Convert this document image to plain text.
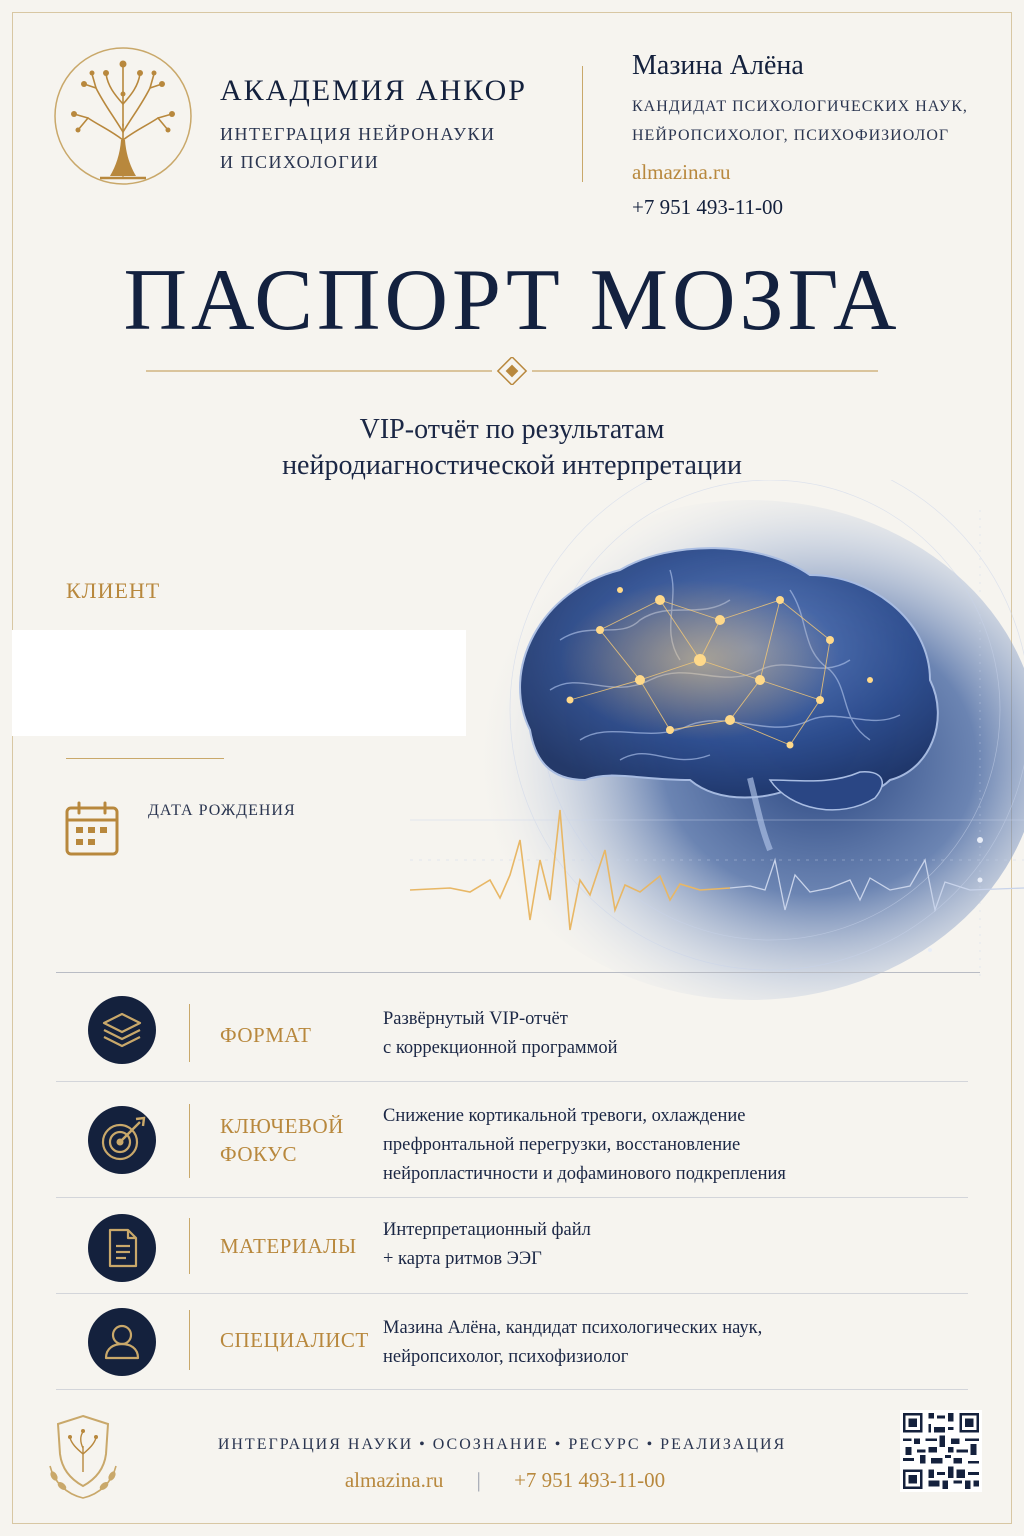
АКАДЕМИЯ АНКОР
ИНТЕГРАЦИЯ НЕЙРОНАУКИ
И ПСИХОЛОГИИ
Мазина Алёна
КАНДИДАТ ПСИХОЛОГИЧЕСКИХ НАУК,
НЕЙРОПСИХОЛОГ, ПСИХОФИЗИОЛОГ
almazina.ru
+7 951 493-11-00
ПАСПОРТ МОЗГА
VIP-отчёт по результатам
нейродиагностической интерпретации
КЛИЕНТ
ДАТА РОЖДЕНИЯ
ФОРМАТ
Развёрнутый VIP-отчёт
с коррекционной программой
КЛЮЧЕВОЙ
ФОКУС
Снижение кортикальной тревоги, охлаждение
префронтальной перегрузки, восстановление
нейропластичности и дофаминового подкрепления
МАТЕРИАЛЫ
Интерпретационный файл
+ карта ритмов ЭЭГ
СПЕЦИАЛИСТ Мазина Алёна, кандидат психологических наук,
нейропсихолог, психофизиолог
ИНТЕГРАЦИЯ НАУКИ • ОСОЗНАНИЕ • РЕСУРС • РЕАЛИЗАЦИЯ
almazina.ru | +7 951 493-11-00
